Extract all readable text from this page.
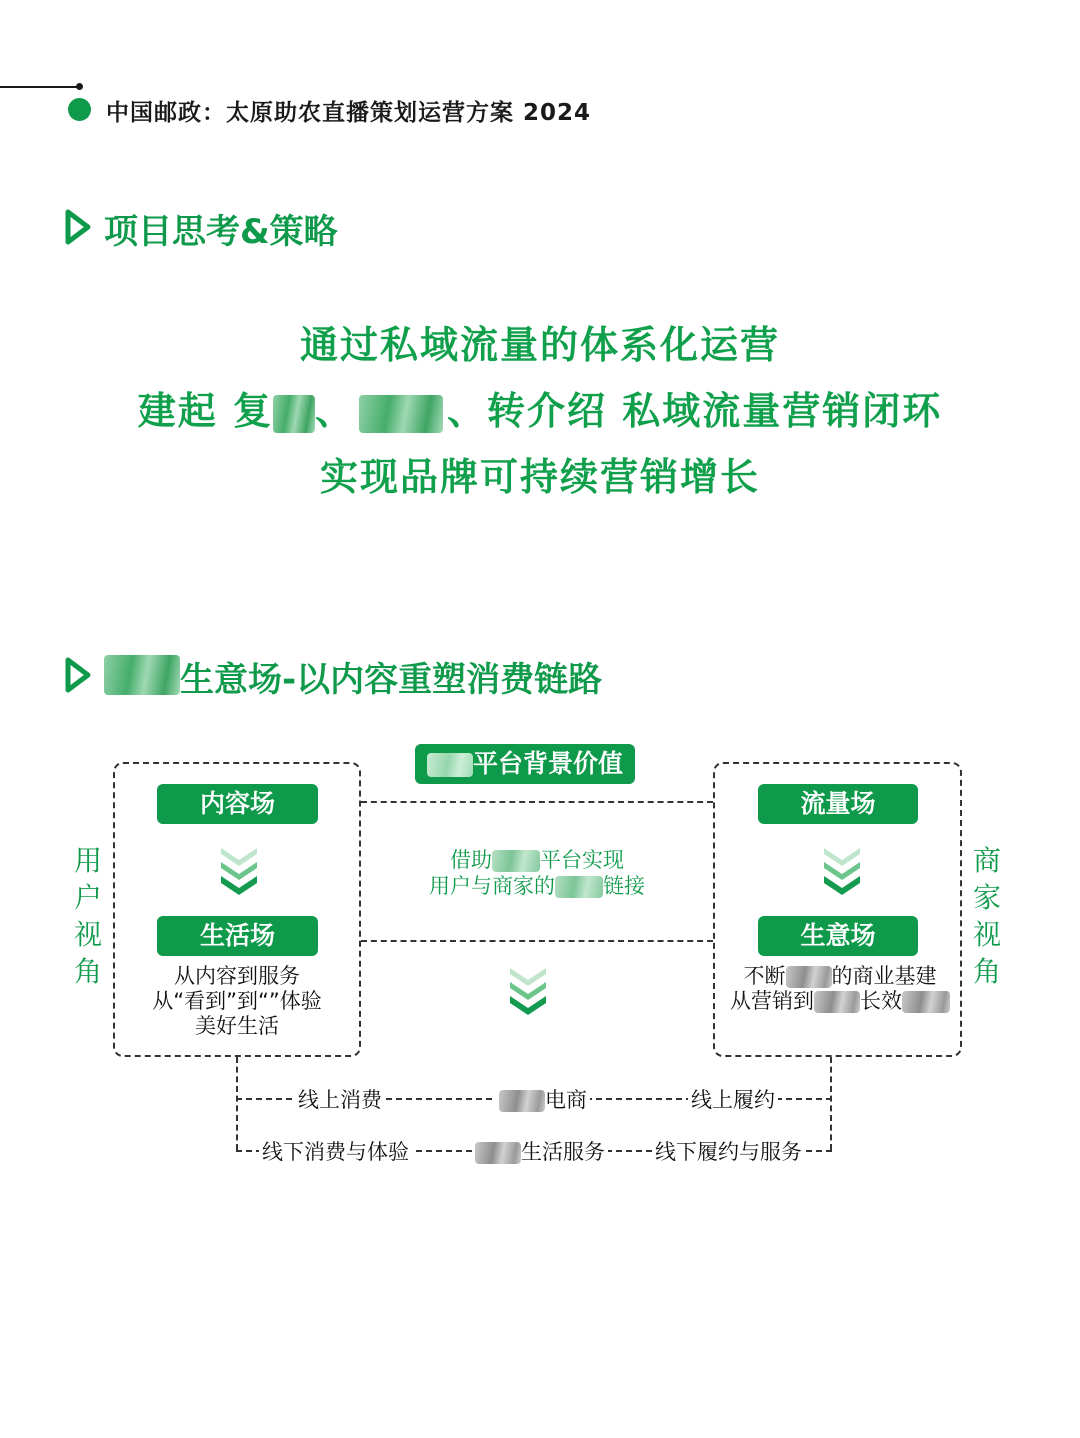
中国邮政：太原助农直播策划运营方案 2024
项目思考&策略
通过私域流量的体系化运营
建起 复 、 、转介绍 私域流量营销闭环
实现品牌可持续营销增长
生意场-以内容重塑消费链路
平台背景价值
用
户
视
角
商
家
视
角
内容场
生活场
流量场
生意场
从内容到服务
从“看到”到“”体验
美好生活
不断 的商业基建
从营销到 长效
借助 平台实现
用户与商家的 链接
线上消费	电商	线上履约
线下消费与体验	生活服务 线下履约与服务
